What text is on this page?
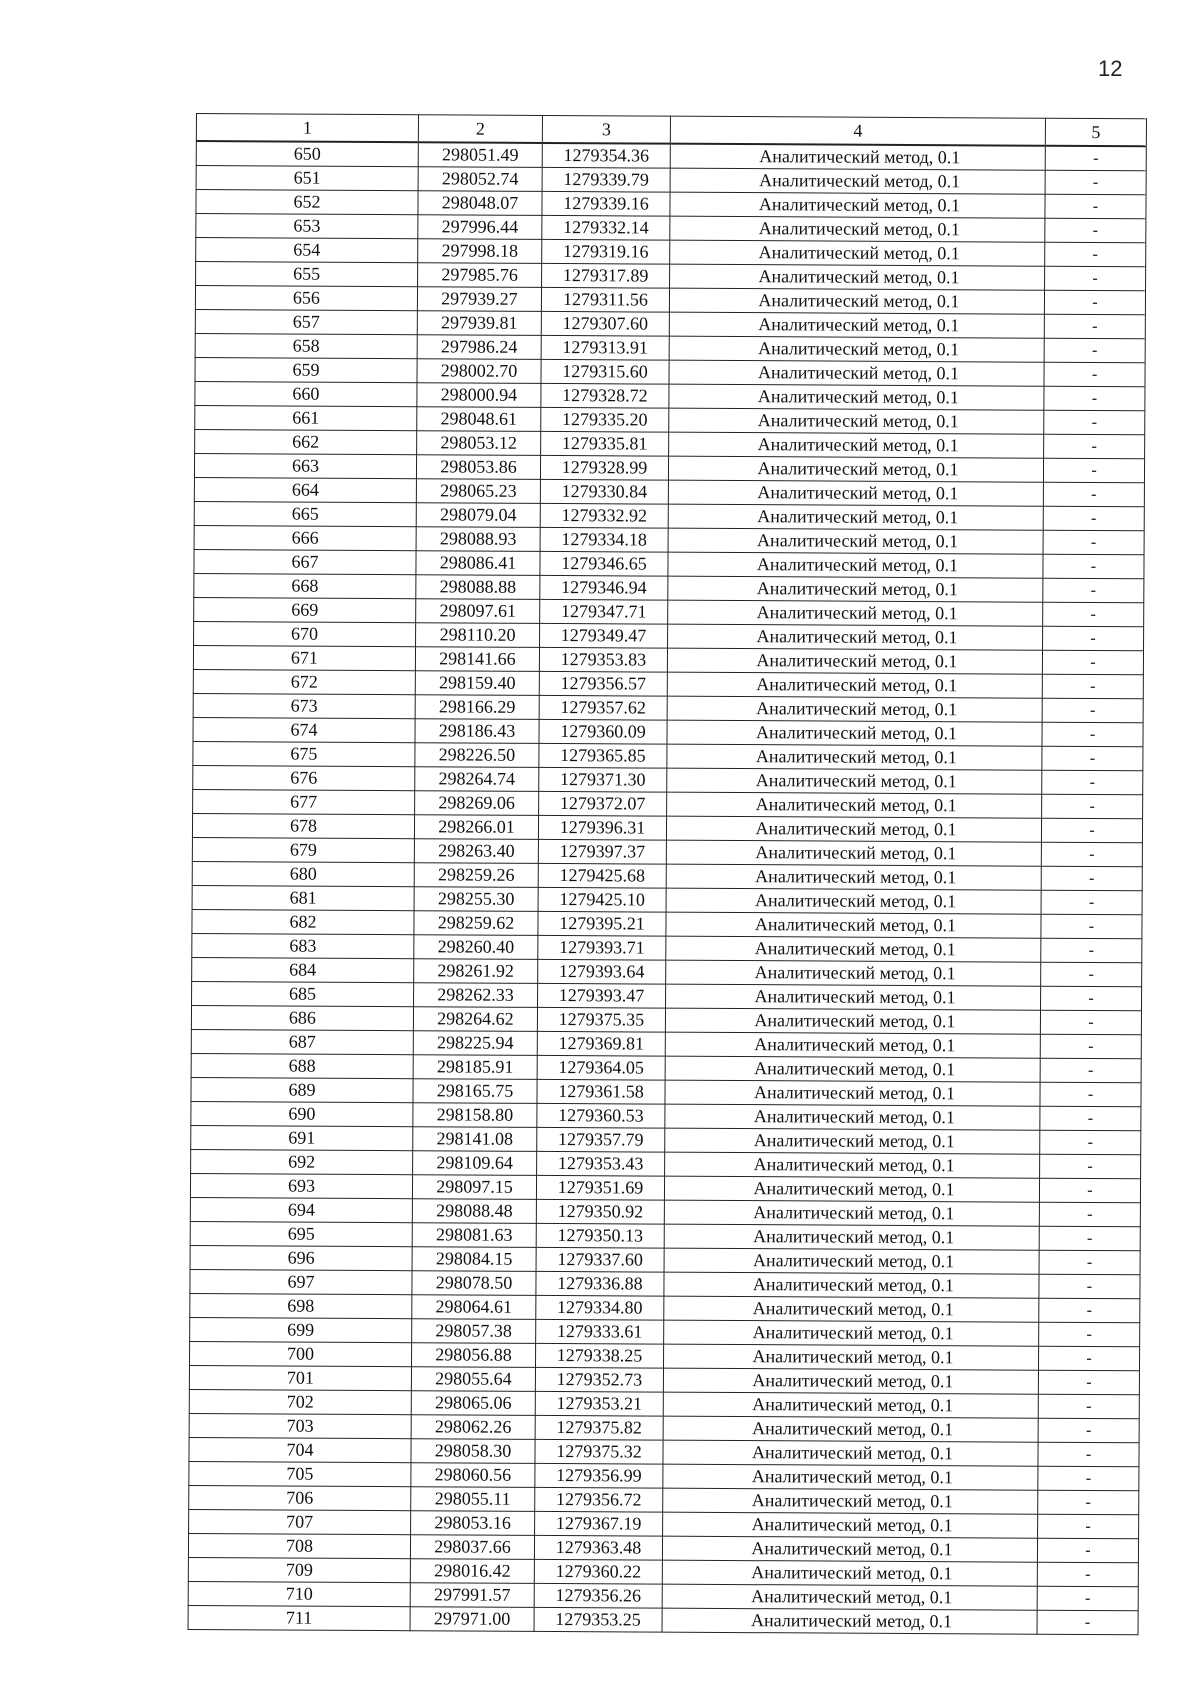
12
1	2	3	4	5
650	298051.49	1279354.36	Аналитический метод, 0.1	-
651	298052.74	1279339.79	Аналитический метод, 0.1	-
652	298048.07	1279339.16	Аналитический метод, 0.1	-
653	297996.44	1279332.14	Аналитический метод, 0.1	-
654	297998.18	1279319.16	Аналитический метод, 0.1	-
655	297985.76	1279317.89	Аналитический метод, 0.1	-
656	297939.27	1279311.56	Аналитический метод, 0.1	-
657	297939.81	1279307.60	Аналитический метод, 0.1	-
658	297986.24	1279313.91	Аналитический метод, 0.1	-
659	298002.70	1279315.60	Аналитический метод, 0.1	-
660	298000.94	1279328.72	Аналитический метод, 0.1	-
661	298048.61	1279335.20	Аналитический метод, 0.1	-
662	298053.12	1279335.81	Аналитический метод, 0.1	-
663	298053.86	1279328.99	Аналитический метод, 0.1	-
664	298065.23	1279330.84	Аналитический метод, 0.1	-
665	298079.04	1279332.92	Аналитический метод, 0.1	-
666	298088.93	1279334.18	Аналитический метод, 0.1	-
667	298086.41	1279346.65	Аналитический метод, 0.1	-
668	298088.88	1279346.94	Аналитический метод, 0.1	-
669	298097.61	1279347.71	Аналитический метод, 0.1	-
670	298110.20	1279349.47	Аналитический метод, 0.1	-
671	298141.66	1279353.83	Аналитический метод, 0.1	-
672	298159.40	1279356.57	Аналитический метод, 0.1	-
673	298166.29	1279357.62	Аналитический метод, 0.1	-
674	298186.43	1279360.09	Аналитический метод, 0.1	-
675	298226.50	1279365.85	Аналитический метод, 0.1	-
676	298264.74	1279371.30	Аналитический метод, 0.1	-
677	298269.06	1279372.07	Аналитический метод, 0.1	-
678	298266.01	1279396.31	Аналитический метод, 0.1	-
679	298263.40	1279397.37	Аналитический метод, 0.1	-
680	298259.26	1279425.68	Аналитический метод, 0.1	-
681	298255.30	1279425.10	Аналитический метод, 0.1	-
682	298259.62	1279395.21	Аналитический метод, 0.1	-
683	298260.40	1279393.71	Аналитический метод, 0.1	-
684	298261.92	1279393.64	Аналитический метод, 0.1	-
685	298262.33	1279393.47	Аналитический метод, 0.1	-
686	298264.62	1279375.35	Аналитический метод, 0.1	-
687	298225.94	1279369.81	Аналитический метод, 0.1	-
688	298185.91	1279364.05	Аналитический метод, 0.1	-
689	298165.75	1279361.58	Аналитический метод, 0.1	-
690	298158.80	1279360.53	Аналитический метод, 0.1	-
691	298141.08	1279357.79	Аналитический метод, 0.1	-
692	298109.64	1279353.43	Аналитический метод, 0.1	-
693	298097.15	1279351.69	Аналитический метод, 0.1	-
694	298088.48	1279350.92	Аналитический метод, 0.1	-
695	298081.63	1279350.13	Аналитический метод, 0.1	-
696	298084.15	1279337.60	Аналитический метод, 0.1	-
697	298078.50	1279336.88	Аналитический метод, 0.1	-
698	298064.61	1279334.80	Аналитический метод, 0.1	-
699	298057.38	1279333.61	Аналитический метод, 0.1	-
700	298056.88	1279338.25	Аналитический метод, 0.1	-
701	298055.64	1279352.73	Аналитический метод, 0.1	-
702	298065.06	1279353.21	Аналитический метод, 0.1	-
703	298062.26	1279375.82	Аналитический метод, 0.1	-
704	298058.30	1279375.32	Аналитический метод, 0.1	-
705	298060.56	1279356.99	Аналитический метод, 0.1	-
706	298055.11	1279356.72	Аналитический метод, 0.1	-
707	298053.16	1279367.19	Аналитический метод, 0.1	-
708	298037.66	1279363.48	Аналитический метод, 0.1	-
709	298016.42	1279360.22	Аналитический метод, 0.1	-
710	297991.57	1279356.26	Аналитический метод, 0.1	-
711	297971.00	1279353.25	Аналитический метод, 0.1	-
